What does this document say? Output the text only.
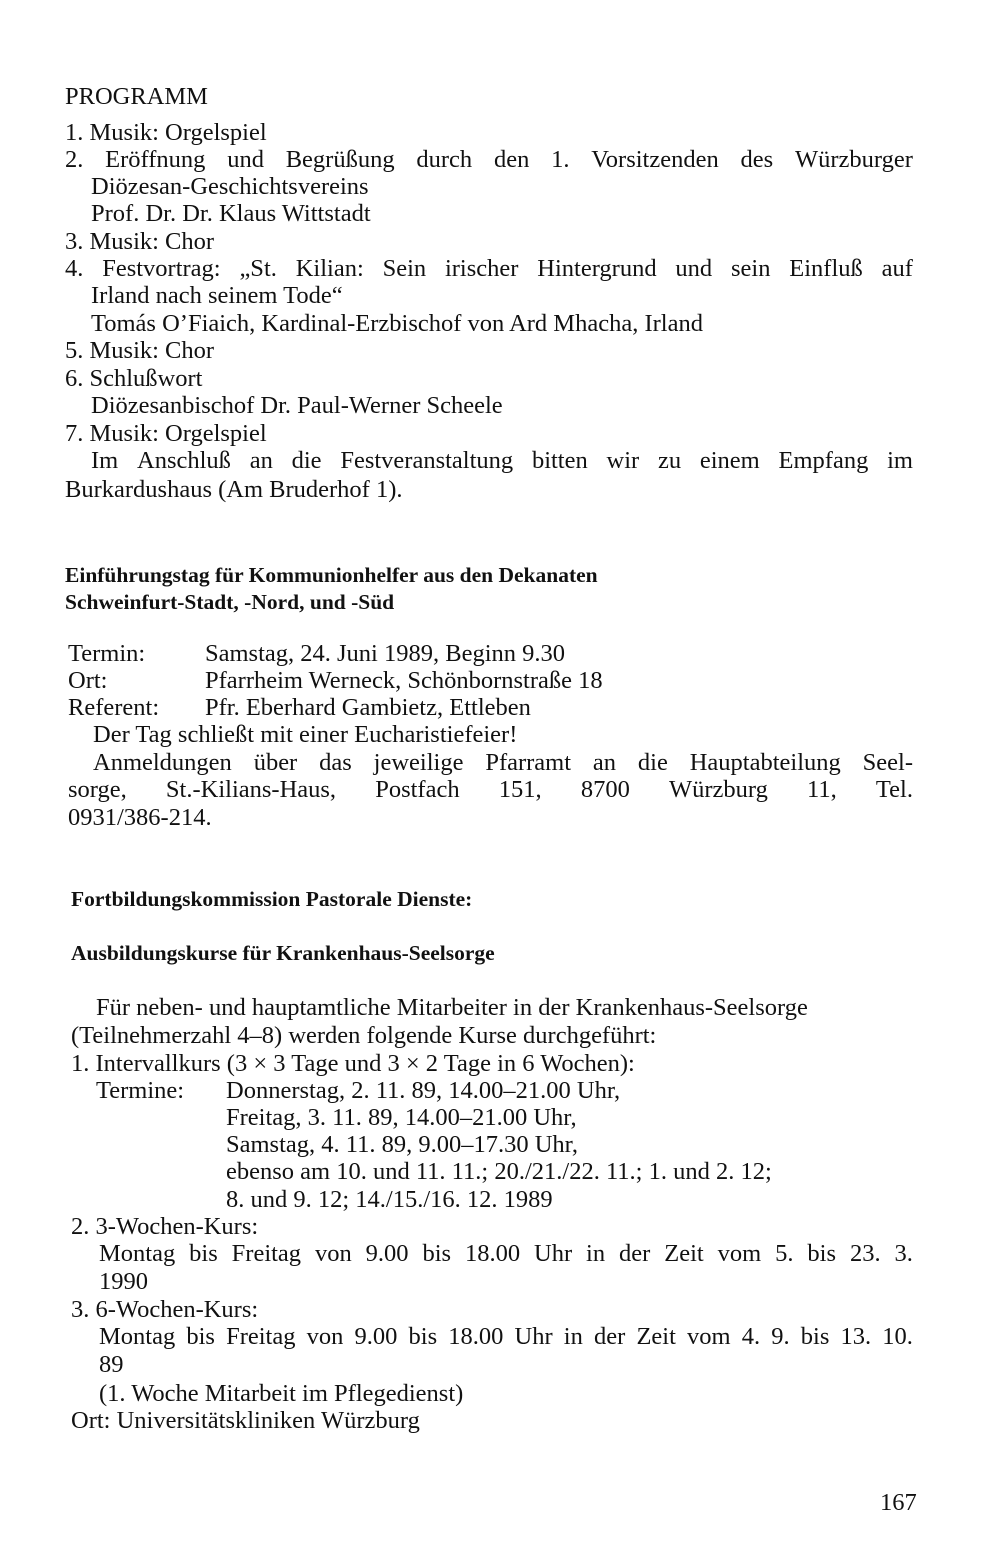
PROGRAMM
1. Musik: Orgelspiel
2. Eröffnung und Begrüßung durch den 1. Vorsitzenden des Würzburger
Diözesan-Geschichtsvereins
Prof. Dr. Dr. Klaus Wittstadt
3. Musik: Chor
4. Festvortrag: „St. Kilian: Sein irischer Hintergrund und sein Einfluß auf
Irland nach seinem Tode“
Tomás O’Fiaich, Kardinal-Erzbischof von Ard Mhacha, Irland
5. Musik: Chor
6. Schlußwort
Diözesanbischof Dr. Paul-Werner Scheele
7. Musik: Orgelspiel
Im Anschluß an die Festveranstaltung bitten wir zu einem Empfang im
Burkardushaus (Am Bruderhof 1).
Einführungstag für Kommunionhelfer aus den Dekanaten
Schweinfurt-Stadt, -Nord, und -Süd
Termin: Samstag, 24. Juni 1989, Beginn 9.30
Ort:	Pfarrheim Werneck, Schönbornstraße 18
Referent: Pfr. Eberhard Gambietz, Ettleben
Der Tag schließt mit einer Eucharistiefeier!
Anmeldungen über das jeweilige Pfarramt an die Hauptabteilung Seel-
sorge, St.-Kilians-Haus, Postfach 151, 8700 Würzburg 11, Tel.
0931/386-214.
Fortbildungskommission Pastorale Dienste:
Ausbildungskurse für Krankenhaus-Seelsorge
Für neben- und hauptamtliche Mitarbeiter in der Krankenhaus-Seelsorge
(Teilnehmerzahl 4–8) werden folgende Kurse durchgeführt:
1. Intervallkurs (3 × 3 Tage und 3 × 2 Tage in 6 Wochen):
Termine: Donnerstag, 2. 11. 89, 14.00–21.00 Uhr,
Freitag, 3. 11. 89, 14.00–21.00 Uhr,
Samstag, 4. 11. 89, 9.00–17.30 Uhr,
ebenso am 10. und 11. 11.; 20./21./22. 11.; 1. und 2. 12;
8. und 9. 12; 14./15./16. 12. 1989
2. 3-Wochen-Kurs:
Montag bis Freitag von 9.00 bis 18.00 Uhr in der Zeit vom 5. bis 23. 3.
1990
3. 6-Wochen-Kurs:
Montag bis Freitag von 9.00 bis 18.00 Uhr in der Zeit vom 4. 9. bis 13. 10.
89
(1. Woche Mitarbeit im Pflegedienst)
Ort: Universitätskliniken Würzburg
167
